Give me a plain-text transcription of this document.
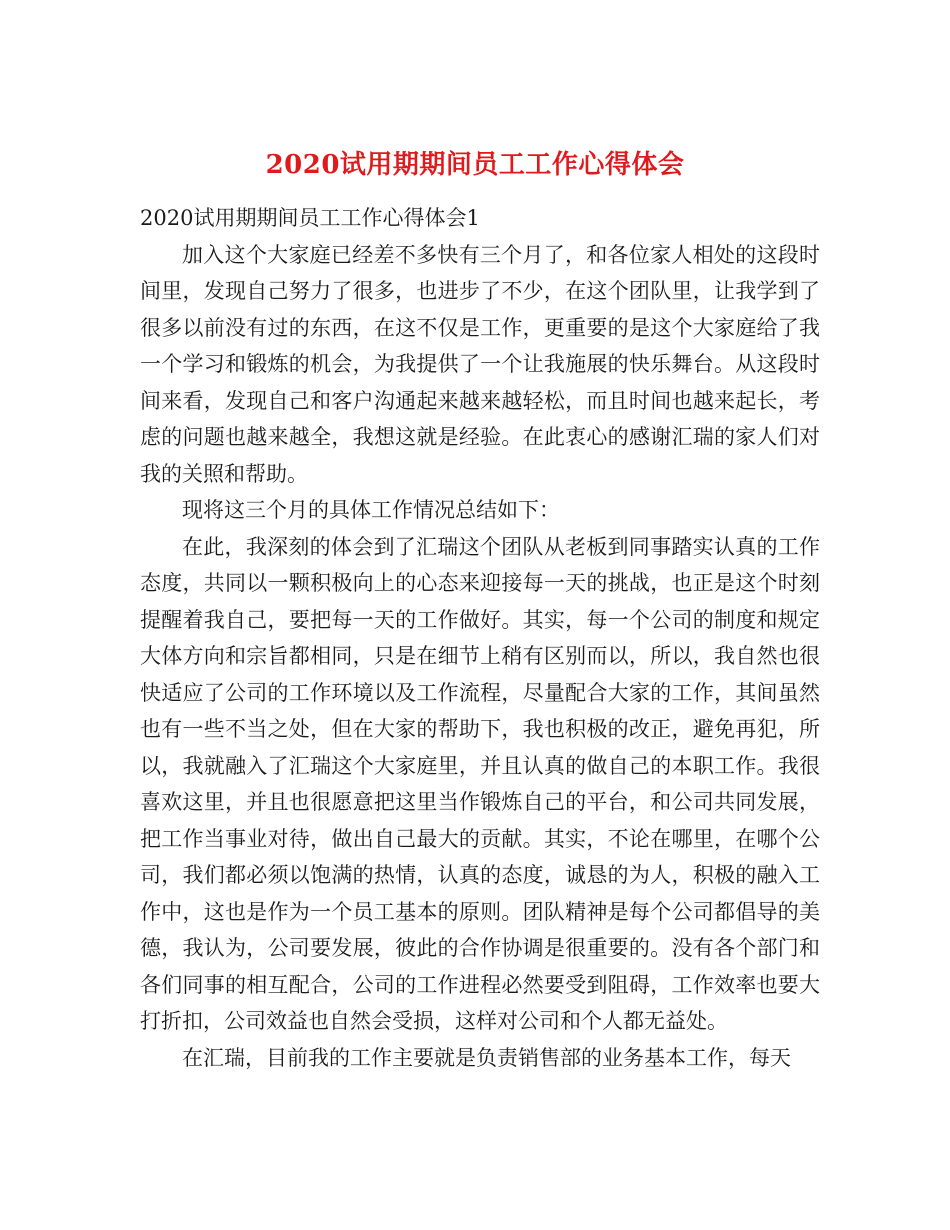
2020试用期期间员工工作心得体会

2020试用期期间员工工作心得体会1

加入这个大家庭已经差不多快有三个月了，和各位家人相处的这段时间里，发现自己努力了很多，也进步了不少，在这个团队里，让我学到了很多以前没有过的东西，在这不仅是工作，更重要的是这个大家庭给了我一个学习和锻炼的机会，为我提供了一个让我施展的快乐舞台。从这段时间来看，发现自己和客户沟通起来越来越轻松，而且时间也越来起长，考虑的问题也越来越全，我想这就是经验。在此衷心的感谢汇瑞的家人们对我的关照和帮助。

现将这三个月的具体工作情况总结如下：

在此，我深刻的体会到了汇瑞这个团队从老板到同事踏实认真的工作态度，共同以一颗积极向上的心态来迎接每一天的挑战，也正是这个时刻提醒着我自己，要把每一天的工作做好。其实，每一个公司的制度和规定大体方向和宗旨都相同，只是在细节上稍有区别而以，所以，我自然也很快适应了公司的工作环境以及工作流程，尽量配合大家的工作，其间虽然也有一些不当之处，但在大家的帮助下，我也积极的改正，避免再犯，所以，我就融入了汇瑞这个大家庭里，并且认真的做自己的本职工作。我很喜欢这里，并且也很愿意把这里当作锻炼自己的平台，和公司共同发展，把工作当事业对待，做出自己最大的贡献。其实，不论在哪里，在哪个公司，我们都必须以饱满的热情，认真的态度，诚恳的为人，积极的融入工作中，这也是作为一个员工基本的原则。团队精神是每个公司都倡导的美德，我认为，公司要发展，彼此的合作协调是很重要的。没有各个部门和各们同事的相互配合，公司的工作进程必然要受到阻碍，工作效率也要大打折扣，公司效益也自然会受损，这样对公司和个人都无益处。

在汇瑞，目前我的工作主要就是负责销售部的业务基本工作，每天
